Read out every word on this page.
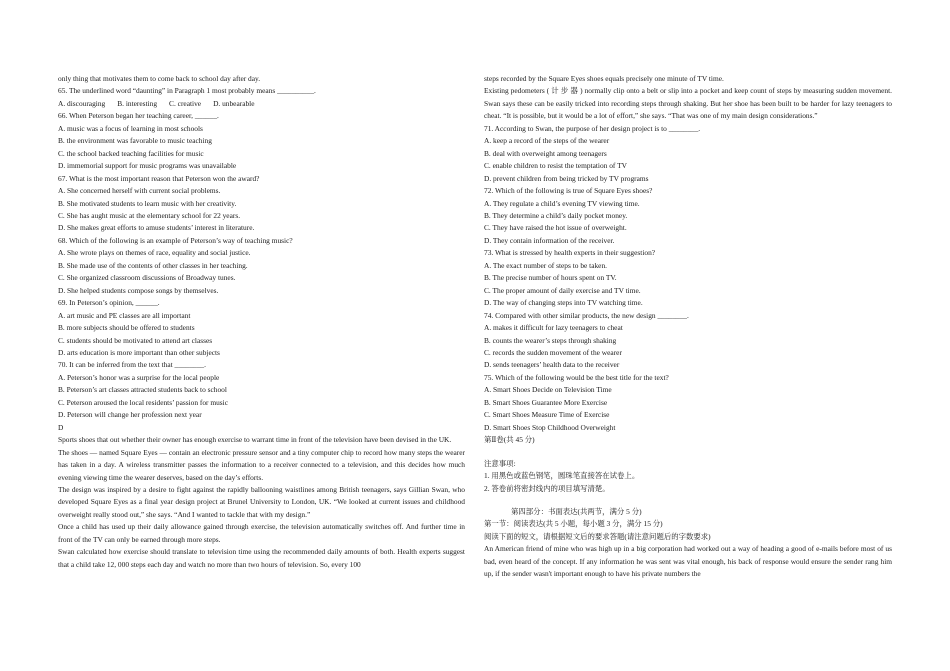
only thing that motivates them to come back to school day after day.
65. The underlined word “daunting” in Paragraph 1 most probably means __________.
A. discouraging B. interesting C. creative D. unbearable
66. When Peterson began her teaching career, ______.
A. music was a focus of learning in most schools
B. the environment was favorable to music teaching
C. the school backed teaching facilities for music
D. immemorial support for music programs was unavailable
67. What is the most important reason that Peterson won the award?
A. She concerned herself with current social problems.
B. She motivated students to learn music with her creativity.
C. She has aught music at the elementary school for 22 years.
D. She makes great efforts to amuse students’ interest in literature.
68. Which of the following is an example of Peterson’s way of teaching music?
A. She wrote plays on themes of race, equality and social justice.
B. She made use of the contents of other classes in her teaching.
C. She organized classroom discussions of Broadway tunes.
D. She helped students compose songs by themselves.
69. In Peterson’s opinion, ______.
A. art music and PE classes are all important
B. more subjects should be offered to students
C. students should be motivated to attend art classes
D. arts education is more important than other subjects
70. It can be inferred from the text that ________.
A. Peterson’s honor was a surprise for the local people
B. Peterson’s art classes attracted students back to school
C. Peterson aroused the local residents’ passion for music
D. Peterson will change her profession next year
D
Sports shoes that out whether their owner has enough exercise to warrant time in front of the television have been devised in the UK.
The shoes — named Square Eyes — contain an electronic pressure sensor and a tiny computer chip to record how many steps the wearer has taken in a day. A wireless transmitter passes the information to a receiver connected to a television, and this decides how much evening viewing time the wearer deserves, based on the day’s efforts.
The design was inspired by a desire to fight against the rapidly ballooning waistlines among British teenagers, says Gillian Swan, who developed Square Eyes as a final year design project at Brunel University to London, UK. “We looked at current issues and childhood overweight really stood out,” she says. “And I wanted to tackle that with my design.”
Once a child has used up their daily allowance gained through exercise, the television automatically switches off. And further time in front of the TV can only be earned through more steps.
Swan calculated how exercise should translate to television time using the recommended daily amounts of both. Health experts suggest that a child take 12, 000 steps each day and watch no more than two hours of television. So, every 100
steps recorded by the Square Eyes shoes equals precisely one minute of TV time.
Existing pedometers ( 计 步 器 ) normally clip onto a belt or slip into a pocket and keep count of steps by measuring sudden movement. Swan says these can be easily tricked into recording steps through shaking. But her shoe has been built to be harder for lazy teenagers to cheat. “It is possible, but it would be a lot of effort,” she says. “That was one of my main design considerations.”
71. According to Swan, the purpose of her design project is to ________.
A. keep a record of the steps of the wearer
B. deal with overweight among teenagers
C. enable children to resist the temptation of TV
D. prevent children from being tricked by TV programs
72. Which of the following is true of Square Eyes shoes?
A. They regulate a child’s evening TV viewing time.
B. They determine a child’s daily pocket money.
C. They have raised the hot issue of overweight.
D. They contain information of the receiver.
73. What is stressed by health experts in their suggestion?
A. The exact number of steps to be taken.
B. The precise number of hours spent on TV.
C. The proper amount of daily exercise and TV time.
D. The way of changing steps into TV watching time.
74. Compared with other similar products, the new design ________.
A. makes it difficult for lazy teenagers to cheat
B. counts the wearer’s steps through shaking
C. records the sudden movement of the wearer
D. sends teenagers’ health data to the receiver
75. Which of the following would be the best title for the text?
A. Smart Shoes Decide on Television Time
B. Smart Shoes Guarantee More Exercise
C. Smart Shoes Measure Time of Exercise
D. Smart Shoes Stop Childhood Overweight
第Ⅱ卷(共 45 分)
注意事项:
1. 用黑色或蓝色钢笔，圆珠笔直接答在试卷上。
2. 答卷前将密封线内的项目填写清楚。
第四部分：书面表达(共两节，满分 5 分)
第一节：阅读表达(共 5 小题，每小题 3 分，满分 15 分)
阅读下面的短文，请根据短文后的要求答题(请注意问题后的字数要求)
An American friend of mine who was high up in a big corporation had worked out a way of heading a good of e-mails before most of us bad, even heard of the concept. If any information he was sent was vital enough, his back of response would ensure the sender rang him up, if the sender wasn't important enough to have his private numbers the
